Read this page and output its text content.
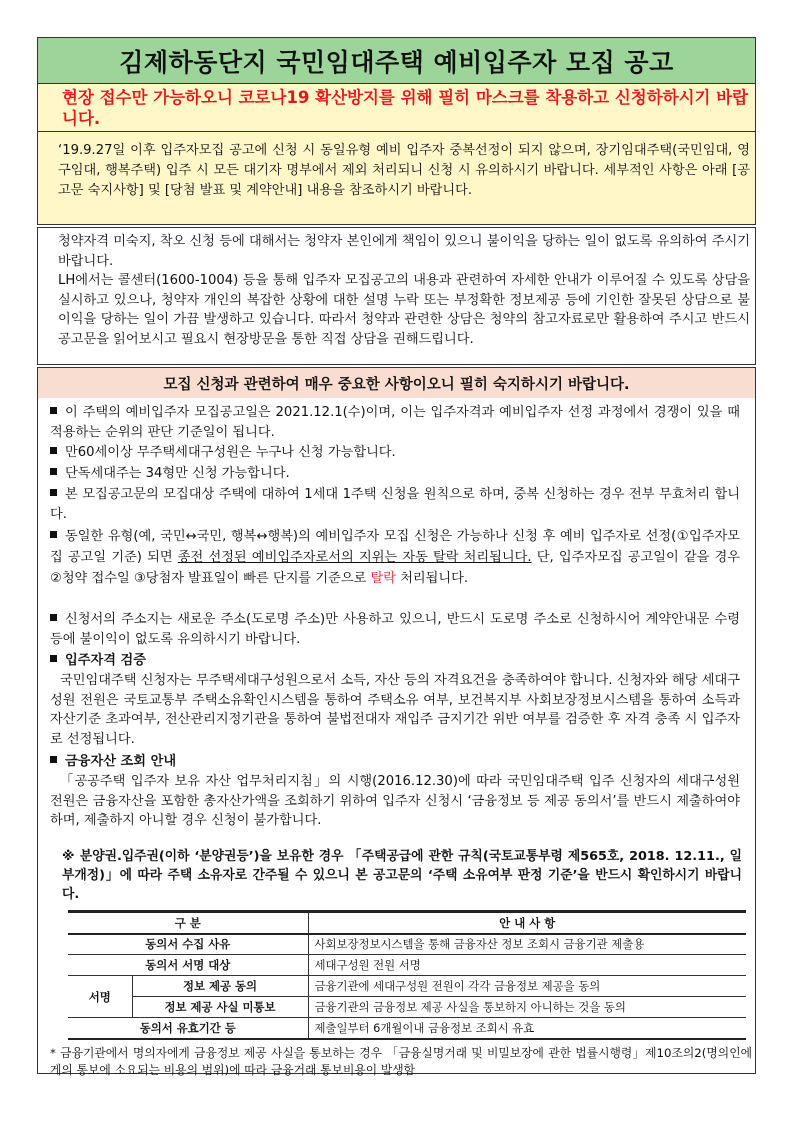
김제하동단지 국민임대주택 예비입주자 모집 공고
현장 접수만 가능하오니 코로나19 확산방지를 위해 필히 마스크를 착용하고 신청하하시기 바랍니다.
‘19.9.27일 이후 입주자모집 공고에 신청 시 동일유형 예비 입주자 중복선정이 되지 않으며, 장기임대주택(국민임대, 영구임대, 행복주택) 입주 시 모든 대기자 명부에서 제외 처리되니 신청 시 유의하시기 바랍니다. 세부적인 사항은 아래 [공고문 숙지사항] 및 [당첨 발표 및 계약안내] 내용을 참조하시기 바랍니다.

청약자격 미숙지, 착오 신청 등에 대해서는 청약자 본인에게 책임이 있으니 불이익을 당하는 일이 없도록 유의하여 주시기 바랍니다.

LH에서는 콜센터(1600-1004) 등을 통해 입주자 모집공고의 내용과 관련하여 자세한 안내가 이루어질 수 있도록 상담을 실시하고 있으나, 청약자 개인의 복잡한 상황에 대한 설명 누락 또는 부정확한 정보제공 등에 기인한 잘못된 상담으로 불이익을 당하는 일이 가끔 발생하고 있습니다. 따라서 청약과 관련한 상담은 청약의 참고자료로만 활용하여 주시고 반드시 공고문을 읽어보시고 필요시 현장방문을 통한 직접 상담을 권해드립니다.

모집 신청과 관련하여 매우 중요한 사항이오니 필히 숙지하시기 바랍니다.
이 주택의 예비입주자 모집공고일은 2021.12.1(수)이며, 이는 입주자격과 예비입주자 선정 과정에서 경쟁이 있을 때 적용하는 순위의 판단 기준일이 됩니다.
만60세이상 무주택세대구성원은 누구나 신청 가능합니다.
단독세대주는 34형만 신청 가능합니다.
본 모집공고문의 모집대상 주택에 대하여 1세대 1주택 신청을 원칙으로 하며, 중복 신청하는 경우 전부 무효처리 합니다.
동일한 유형(예, 국민↔국민, 행복↔행복)의 예비입주자 모집 신청은 가능하나 신청 후 예비 입주자로 선정(①입주자모집 공고일 기준) 되면 종전 선정된 예비입주자로서의 지위는 자동 탈락 처리됩니다. 단, 입주자모집 공고일이 같을 경우 ②청약 접수일 ③당첨자 발표일이 빠른 단지를 기준으로 탈락 처리됩니다.
신청서의 주소지는 새로운 주소(도로명 주소)만 사용하고 있으니, 반드시 도로명 주소로 신청하시어 계약안내문 수령 등에 불이익이 없도록 유의하시기 바랍니다.
입주자격 검증
국민임대주택 신청자는 무주택세대구성원으로서 소득, 자산 등의 자격요건을 충족하여야 합니다. 신청자와 해당 세대구성원 전원은 국토교통부 주택소유확인시스템을 통하여 주택소유 여부, 보건복지부 사회보장정보시스템을 통하여 소득과 자산기준 초과여부, 전산관리지정기관을 통하여 불법전대자 재입주 금지기간 위반 여부를 검증한 후 자격 충족 시 입주자로 선정됩니다.
금융자산 조회 안내
「공공주택 입주자 보유 자산 업무처리지침」의 시행(2016.12.30)에 따라 국민임대주택 입주 신청자의 세대구성원 전원은 금융자산을 포함한 총자산가액을 조회하기 위하여 입주자 신청시 ‘금융정보 등 제공 동의서’를 반드시 제출하여야 하며, 제출하지 아니할 경우 신청이 불가합니다.
※ 분양권.입주권(이하 ‘분양권등’)을 보유한 경우 「주택공급에 관한 규칙(국토교통부령 제565호, 2018. 12.11., 일부개정)」에 따라 주택 소유자로 간주될 수 있으니 본 공고문의 ‘주택 소유여부 판정 기준’을 반드시 확인하시기 바랍니다.
구 분		안 내 사 항
동의서 수집 사유		사회보장정보시스템을 통해 금융자산 정보 조회시 금융기관 제출용
동의서 서명 대상		세대구성원 전원 서명
서명	정보 제공 동의	금융기관에 세대구성원 전원이 각각 금융정보 제공을 동의
	정보 제공 사실 미통보	금융기관의 금융정보 제공 사실을 통보하지 아니하는 것을 동의
동의서 유효기간 등		제출일부터 6개월이내 금융정보 조회시 유효
* 금융기관에서 명의자에게 금융정보 제공 사실을 통보하는 경우 「금융실명거래 및 비밀보장에 관한 법률시행령」제10조의2(명의인에게의 통보에 소요되는 비용의 범위)에 따라 금융거래 통보비용이 발생함
